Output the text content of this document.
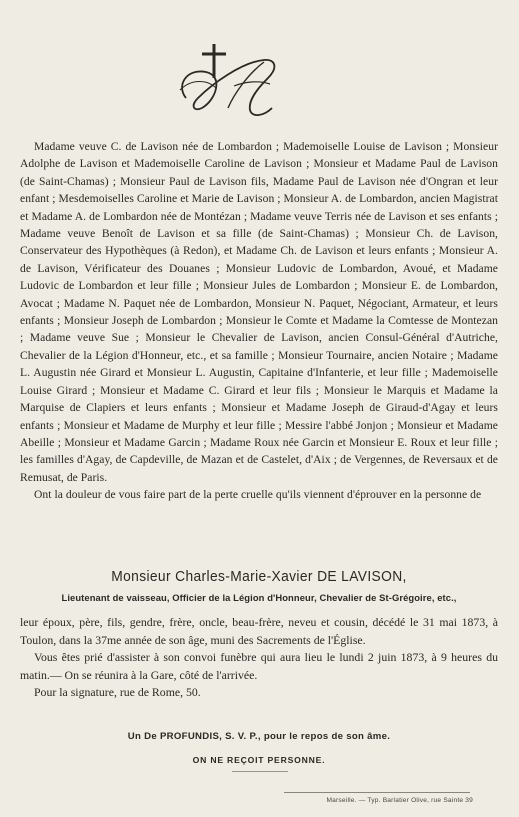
Madame veuve C. de Lavison née de Lombardon ; Mademoiselle Louise de Lavison ; Monsieur Adolphe de Lavison et Mademoiselle Caroline de Lavison ; Monsieur et Madame Paul de Lavison (de Saint-Chamas) ; Monsieur Paul de Lavison fils, Madame Paul de Lavison née d'Ongran et leur enfant ; Mesdemoiselles Caroline et Marie de Lavison ; Monsieur A. de Lombardon, ancien Magistrat et Madame A. de Lombardon née de Montézan ; Madame veuve Terris née de Lavison et ses enfants ; Madame veuve Benoît de Lavison et sa fille (de Saint-Chamas) ; Monsieur Ch. de Lavison, Conservateur des Hypothèques (à Redon), et Madame Ch. de Lavison et leurs enfants ; Monsieur A. de Lavison, Vérificateur des Douanes ; Monsieur Ludovic de Lombardon, Avoué, et Madame Ludovic de Lombardon et leur fille ; Monsieur Jules de Lombardon ; Monsieur E. de Lombardon, Avocat ; Madame N. Paquet née de Lombardon, Monsieur N. Paquet, Négociant, Armateur, et leurs enfants ; Monsieur Joseph de Lombardon ; Monsieur le Comte et Madame la Comtesse de Montezan ; Madame veuve Sue ; Monsieur le Chevalier de Lavison, ancien Consul-Général d'Autriche, Chevalier de la Légion d'Honneur, etc., et sa famille ; Monsieur Tournaire, ancien Notaire ; Madame L. Augustin née Girard et Monsieur L. Augustin, Capitaine d'Infanterie, et leur fille ; Mademoiselle Louise Girard ; Monsieur et Madame C. Girard et leur fils ; Monsieur le Marquis et Madame la Marquise de Clapiers et leurs enfants ; Monsieur et Madame Joseph de Giraud-d'Agay et leurs enfants ; Monsieur et Madame de Murphy et leur fille ; Messire l'abbé Jonjon ; Monsieur et Madame Abeille ; Monsieur et Madame Garcin ; Madame Roux née Garcin et Monsieur E. Roux et leur fille ; les familles d'Agay, de Capdeville, de Mazan et de Castelet, d'Aix ; de Vergennes, de Reversaux et de Remusat, de Paris.

Ont la douleur de vous faire part de la perte cruelle qu'ils viennent d'éprouver en la personne de

Monsieur Charles-Marie-Xavier DE LAVISON,
Lieutenant de vaisseau, Officier de la Légion d'Honneur, Chevalier de St-Grégoire, etc.,

leur époux, père, fils, gendre, frère, oncle, beau-frère, neveu et cousin, décédé le 31 mai 1873, à Toulon, dans la 37me année de son âge, muni des Sacrements de l'Église.

Vous êtes prié d'assister à son convoi funèbre qui aura lieu le lundi 2 juin 1873, à 9 heures du matin.— On se réunira à la Gare, côté de l'arrivée.

Pour la signature, rue de Rome, 50.

Un De PROFUNDIS, S. V. P., pour le repos de son âme.
ON NE REÇOIT PERSONNE.
Marseille. — Typ. Barlatier Olive, rue Sainte 39
